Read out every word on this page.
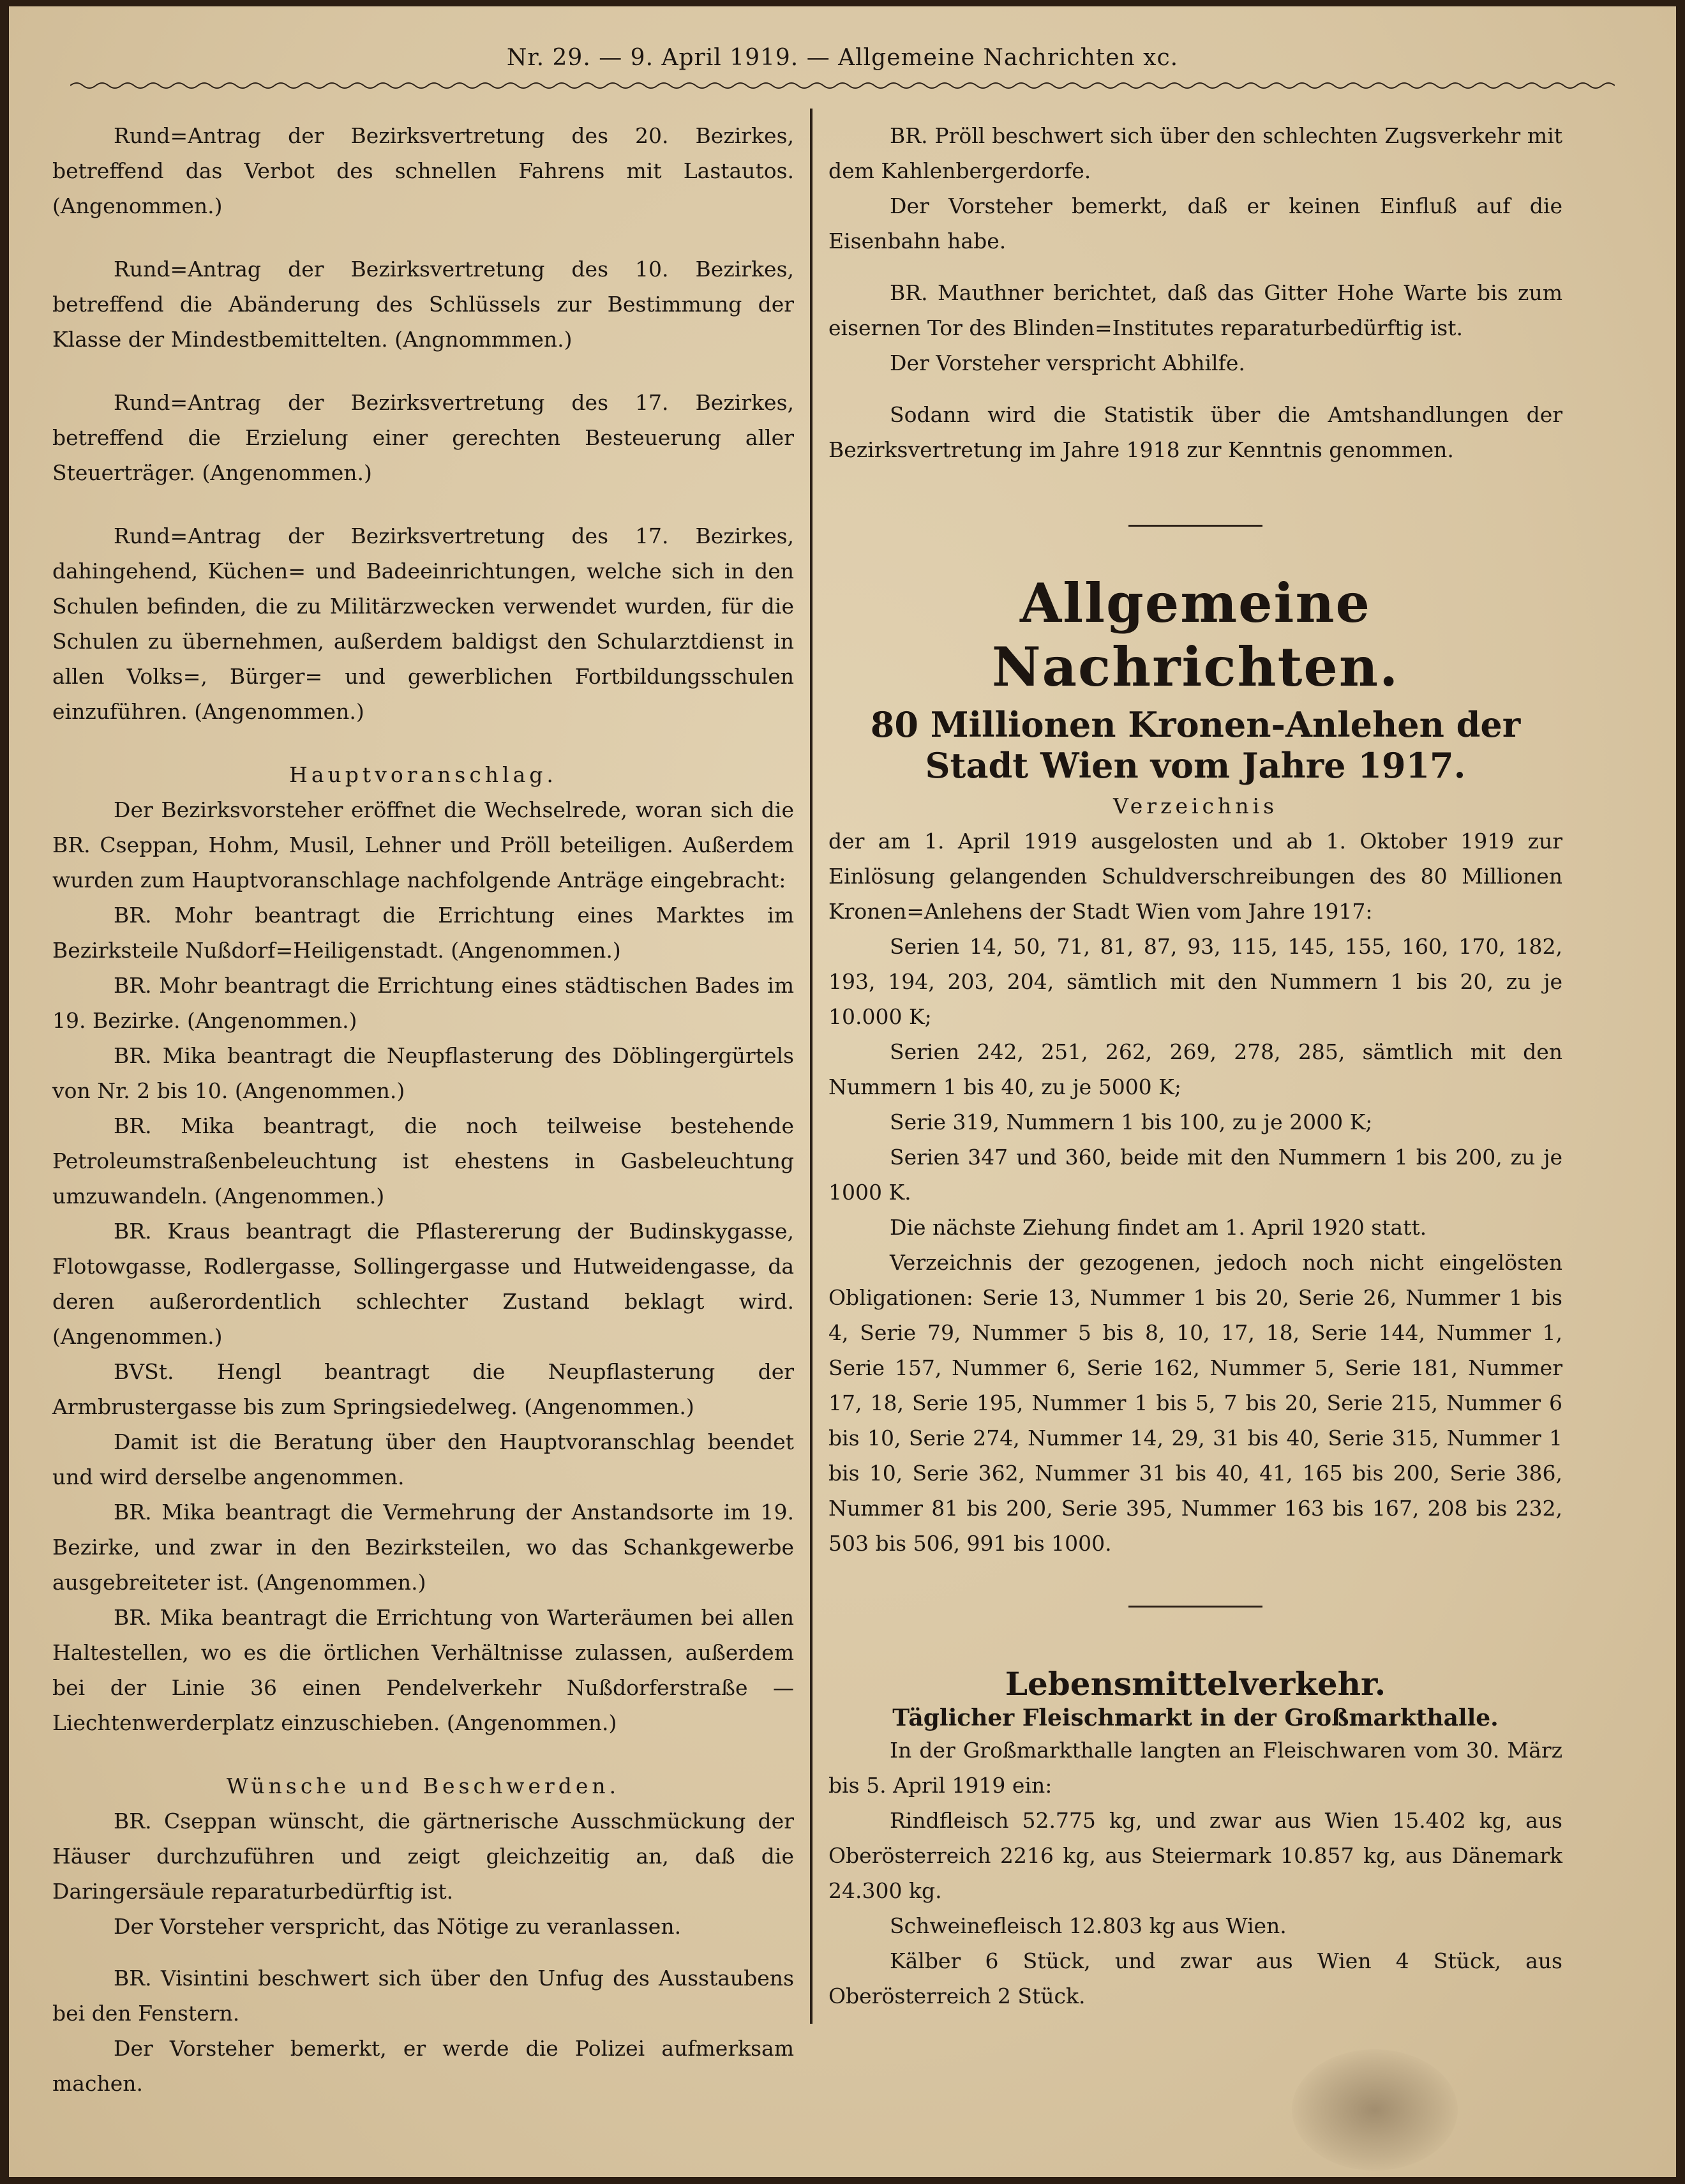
Nr. 29. — 9. April 1919. — Allgemeine Nachrichten xc.

Rund=Antrag der Bezirksvertretung des 20. Bezirkes, betreffend das Verbot des schnellen Fahrens mit Lastautos. (Angenommen.)

Rund=Antrag der Bezirksvertretung des 10. Bezirkes, betreffend die Abänderung des Schlüssels zur Bestimmung der Klasse der Mindestbemittelten. (Angnommmen.)

Rund=Antrag der Bezirksvertretung des 17. Bezirkes, betreffend die Erzielung einer gerechten Besteuerung aller Steuerträger. (Angenommen.)

Rund=Antrag der Bezirksvertretung des 17. Bezirkes, dahingehend, Küchen= und Badeeinrichtungen, welche sich in den Schulen befinden, die zu Militärzwecken verwendet wurden, für die Schulen zu übernehmen, außerdem baldigst den Schularztdienst in allen Volks=, Bürger= und gewerblichen Fortbildungsschulen einzuführen. (Angenommen.)

Hauptvoranschlag.

Der Bezirksvorsteher eröffnet die Wechselrede, woran sich die BR. Cseppan, Hohm, Musil, Lehner und Pröll beteiligen. Außerdem wurden zum Hauptvoranschlage nachfolgende Anträge eingebracht:

BR. Mohr beantragt die Errichtung eines Marktes im Bezirksteile Nußdorf=Heiligenstadt. (Angenommen.)

BR. Mohr beantragt die Errichtung eines städtischen Bades im 19. Bezirke. (Angenommen.)

BR. Mika beantragt die Neupflasterung des Döblingergürtels von Nr. 2 bis 10. (Angenommen.)

BR. Mika beantragt, die noch teilweise bestehende Petroleumstraßenbeleuchtung ist ehestens in Gasbeleuchtung umzuwandeln. (Angenommen.)

BR. Kraus beantragt die Pflastererung der Budinskygasse, Flotowgasse, Rodlergasse, Sollingergasse und Hutweidengasse, da deren außerordentlich schlechter Zustand beklagt wird. (Angenommen.)

BVSt. Hengl beantragt die Neupflasterung der Armbrustergasse bis zum Springsiedelweg. (Angenommen.)

Damit ist die Beratung über den Hauptvoranschlag beendet und wird derselbe angenommen.

BR. Mika beantragt die Vermehrung der Anstandsorte im 19. Bezirke, und zwar in den Bezirksteilen, wo das Schankgewerbe ausgebreiteter ist. (Angenommen.)

BR. Mika beantragt die Errichtung von Warteräumen bei allen Haltestellen, wo es die örtlichen Verhältnisse zulassen, außerdem bei der Linie 36 einen Pendelverkehr Nußdorferstraße — Liechtenwerderplatz einzuschieben. (Angenommen.)

Wünsche und Beschwerden.

BR. Cseppan wünscht, die gärtnerische Ausschmückung der Häuser durchzuführen und zeigt gleichzeitig an, daß die Daringersäule reparaturbedürftig ist.

Der Vorsteher verspricht, das Nötige zu veranlassen.

BR. Visintini beschwert sich über den Unfug des Ausstaubens bei den Fenstern.

Der Vorsteher bemerkt, er werde die Polizei aufmerksam machen.

BR. Pröll beschwert sich über den schlechten Zugsverkehr mit dem Kahlenbergerdorfe.

Der Vorsteher bemerkt, daß er keinen Einfluß auf die Eisenbahn habe.

BR. Mauthner berichtet, daß das Gitter Hohe Warte bis zum eisernen Tor des Blinden=Institutes reparaturbedürftig ist.

Der Vorsteher verspricht Abhilfe.

Sodann wird die Statistik über die Amtshandlungen der Bezirksvertretung im Jahre 1918 zur Kenntnis genommen.

Allgemeine Nachrichten.
80 Millionen Kronen-Anlehen der Stadt Wien vom Jahre 1917.

Verzeichnis

der am 1. April 1919 ausgelosten und ab 1. Oktober 1919 zur Einlösung gelangenden Schuldverschreibungen des 80 Millionen Kronen=Anlehens der Stadt Wien vom Jahre 1917:

Serien 14, 50, 71, 81, 87, 93, 115, 145, 155, 160, 170, 182, 193, 194, 203, 204, sämtlich mit den Nummern 1 bis 20, zu je 10.000 K;

Serien 242, 251, 262, 269, 278, 285, sämtlich mit den Nummern 1 bis 40, zu je 5000 K;

Serie 319, Nummern 1 bis 100, zu je 2000 K;

Serien 347 und 360, beide mit den Nummern 1 bis 200, zu je 1000 K.

Die nächste Ziehung findet am 1. April 1920 statt.

Verzeichnis der gezogenen, jedoch noch nicht eingelösten Obligationen: Serie 13, Nummer 1 bis 20, Serie 26, Nummer 1 bis 4, Serie 79, Nummer 5 bis 8, 10, 17, 18, Serie 144, Nummer 1, Serie 157, Nummer 6, Serie 162, Nummer 5, Serie 181, Nummer 17, 18, Serie 195, Nummer 1 bis 5, 7 bis 20, Serie 215, Nummer 6 bis 10, Serie 274, Nummer 14, 29, 31 bis 40, Serie 315, Nummer 1 bis 10, Serie 362, Nummer 31 bis 40, 41, 165 bis 200, Serie 386, Nummer 81 bis 200, Serie 395, Nummer 163 bis 167, 208 bis 232, 503 bis 506, 991 bis 1000.

Lebensmittelverkehr.
Täglicher Fleischmarkt in der Großmarkthalle.

In der Großmarkthalle langten an Fleischwaren vom 30. März bis 5. April 1919 ein:

Rindfleisch 52.775 kg, und zwar aus Wien 15.402 kg, aus Oberösterreich 2216 kg, aus Steiermark 10.857 kg, aus Dänemark 24.300 kg.

Schweinefleisch 12.803 kg aus Wien.

Kälber 6 Stück, und zwar aus Wien 4 Stück, aus Oberösterreich 2 Stück.
